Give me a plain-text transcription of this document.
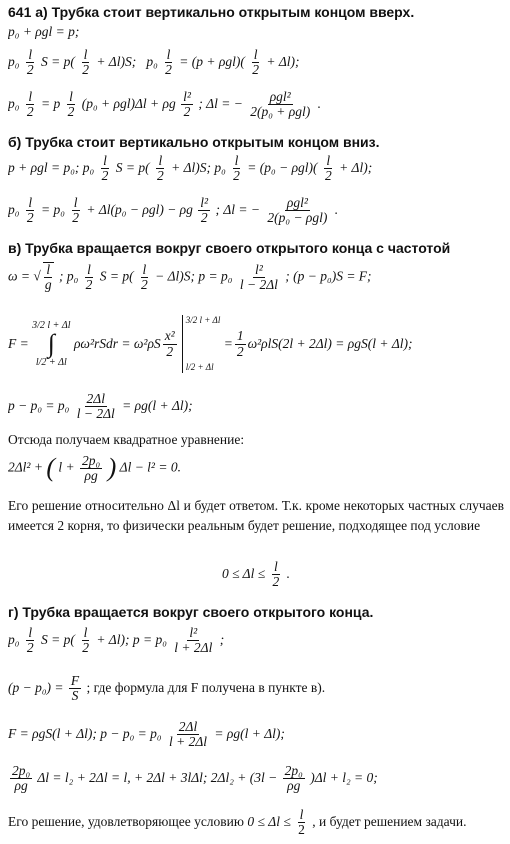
641 а) Трубка стоит вертикально открытым концом вверх.
p₀ + ρgl = p;
$p_0 \frac{l}{2}$ $S = p( \frac{l}{2} + \Delta l)S$; $p_0 \frac{l}{2} = (p + \rho gl)( \frac{l}{2} + \Delta l)$;
$p_0 \frac{l}{2} = p \frac{l}{2} (p_0 + \rho gl)\Delta l + \rho g \frac{\text{l²}}{2}$ ; Δl = − $\frac{\text{ρgl²}}{\text{2(p₀ + ρgl)}}$ .
б) Трубка стоит вертикально открытым концом вниз.
p + ρgl = p₀; $p_0 \frac{l}{2}$ $S = p( \frac{l}{2} + \Delta l)S$; $p_0 \frac{l}{2} = (p_0 - \rho gl)( \frac{l}{2} + \Delta l)$;
$p_0 \frac{l}{2} = p_0 \frac{l}{2} + \Delta l(p_0 - \rho gl) - \rho g \frac{\text{l²}}{2}$ ; Δl = − $\frac{\text{ρgl²}}{\text{2(p₀ − ρgl)}}$ .
в) Трубка вращается вокруг своего открытого конца с частотой
ω = √ $\frac{l}{g}$ ; $p_0 \frac{l}{2}$ $S = p( \frac{l}{2} - \Delta l)S$; $p = p_0 \frac{\text{l²}}{l - 2\Delta l}$ ; (p − p₀)S = F;
F =

3/2 l + Δl
∫
l/2 + Δl

ρω²rSdr = $\omega^2\rho S \frac{\text{x²}}{2}$
3/2 l + Δl
l/2 + Δl

= $\frac{1}{2} \omega^2\rho lS(2l + 2\Delta l) = \rho gS(l + \Delta l)$;
$p - p_0 = p_0 \frac{2\Delta l}{l - 2\Delta l} = \rho g(l + \Delta l)$;
Отсюда получаем квадратное уравнение:
2Δl² + ( $l + \frac{\text{2p₀}}{\rho g}$ ) Δl − l² = 0.
Его решение относительно Δl и будет ответом. Т.к. кроме некоторых частных случаев имеется 2 корня, то физически реальным будет решение, подходящее под условие
$0 \le \Delta l \le \frac{l}{2}$ .
г) Трубка вращается вокруг своего открытого конца.
$p_0 \frac{l}{2}$ $S = p( \frac{l}{2} + \Delta l)$; $p = p_0 \frac{\text{l²}}{l + 2\Delta l}$ ;
$(p - p_0) = \frac{F}{S}$ ; где формула для F получена в пункте в).
F = ρgS(l + Δl); $p - p_0 = p_0 \frac{2\Delta l}{l + 2\Delta l} = \rho g(l + \Delta l)$;
$\frac{\text{2p₀}}{\rho g}$ Δl = l₂ + 2Δl = l, + 2Δl + 3lΔl; $2\Delta l_2 + (3l - \frac{\text{2p₀}}{\rho g} )\Delta l + l_2 = 0$;
Его решение, удовлетворяющее условию $0 \le \Delta l \le \frac{l}{2}$ , и будет решением задачи.
